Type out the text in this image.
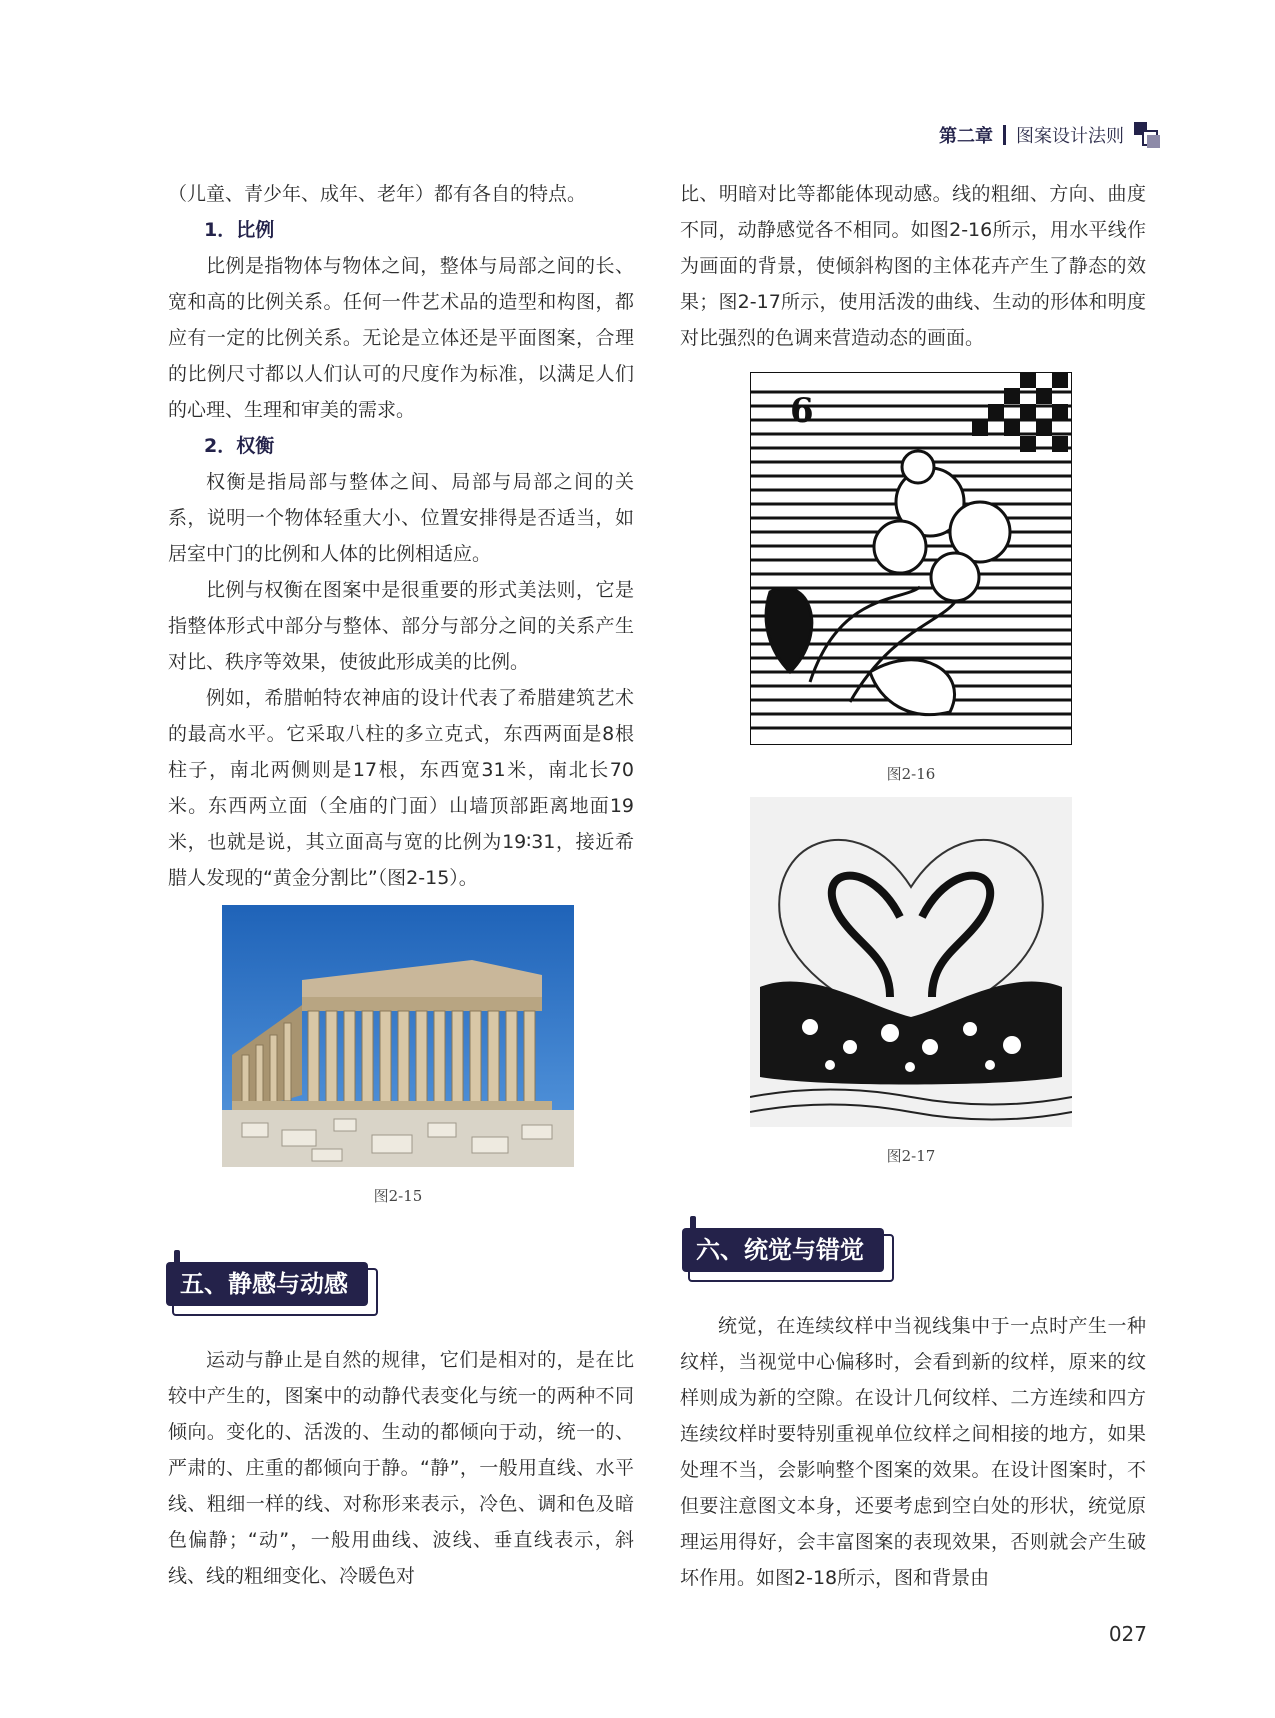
第二章 图案设计法则

（儿童、青少年、成年、老年）都有各自的特点。

1．比例

比例是指物体与物体之间，整体与局部之间的长、宽和高的比例关系。任何一件艺术品的造型和构图，都应有一定的比例关系。无论是立体还是平面图案，合理的比例尺寸都以人们认可的尺度作为标准，以满足人们的心理、生理和审美的需求。

2．权衡

权衡是指局部与整体之间、局部与局部之间的关系，说明一个物体轻重大小、位置安排得是否适当，如居室中门的比例和人体的比例相适应。

比例与权衡在图案中是很重要的形式美法则，它是指整体形式中部分与整体、部分与部分之间的关系产生对比、秩序等效果，使彼此形成美的比例。

例如，希腊帕特农神庙的设计代表了希腊建筑艺术的最高水平。它采取八柱的多立克式，东西两面是8根柱子，南北两侧则是17根，东西宽31米，南北长70米。东西两立面（全庙的门面）山墙顶部距离地面19米，也就是说，其立面高与宽的比例为19∶31，接近希腊人发现的“黄金分割比”（图2-15）。

图2-15
五、静感与动感

运动与静止是自然的规律，它们是相对的，是在比较中产生的，图案中的动静代表变化与统一的两种不同倾向。变化的、活泼的、生动的都倾向于动，统一的、严肃的、庄重的都倾向于静。“静”，一般用直线、水平线、粗细一样的线、对称形来表示，冷色、调和色及暗色偏静；“动”，一般用曲线、波线、垂直线表示，斜线、线的粗细变化、冷暖色对

比、明暗对比等都能体现动感。线的粗细、方向、曲度不同，动静感觉各不相同。如图2-16所示，用水平线作为画面的背景，使倾斜构图的主体花卉产生了静态的效果；图2-17所示，使用活泼的曲线、生动的形体和明度对比强烈的色调来营造动态的画面。

6
图2-16
图2-17
六、统觉与错觉

统觉，在连续纹样中当视线集中于一点时产生一种纹样，当视觉中心偏移时，会看到新的纹样，原来的纹样则成为新的空隙。在设计几何纹样、二方连续和四方连续纹样时要特别重视单位纹样之间相接的地方，如果处理不当，会影响整个图案的效果。在设计图案时，不但要注意图文本身，还要考虑到空白处的形状，统觉原理运用得好，会丰富图案的表现效果，否则就会产生破坏作用。如图2-18所示，图和背景由

027
